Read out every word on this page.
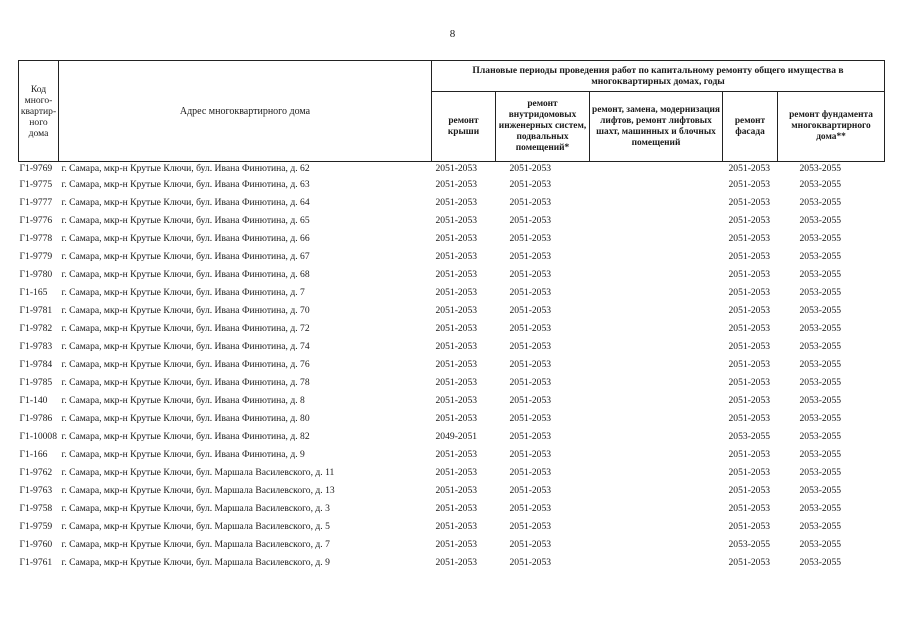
8
Код много-квартир-ного дома	Адрес многоквартирного дома	Плановые периоды проведения работ по капитальному ремонту общего имущества в многоквартирных домах, годы				
		ремонт крыши	ремонт внутридомовых инженерных систем, подвальных помещений*	ремонт, замена, модернизация лифтов, ремонт лифтовых шахт, машинных и блочных помещений	ремонт фасада	ремонт фундамента многоквартирного дома**
Г1-9769	г. Самара, мкр-н Крутые Ключи, бул. Ивана Финютина, д. 62	2051-2053	2051-2053		2051-2053	2053-2055
Г1-9775	г. Самара, мкр-н Крутые Ключи, бул. Ивана Финютина, д. 63	2051-2053	2051-2053		2051-2053	2053-2055
Г1-9777	г. Самара, мкр-н Крутые Ключи, бул. Ивана Финютина, д. 64	2051-2053	2051-2053		2051-2053	2053-2055
Г1-9776	г. Самара, мкр-н Крутые Ключи, бул. Ивана Финютина, д. 65	2051-2053	2051-2053		2051-2053	2053-2055
Г1-9778	г. Самара, мкр-н Крутые Ключи, бул. Ивана Финютина, д. 66	2051-2053	2051-2053		2051-2053	2053-2055
Г1-9779	г. Самара, мкр-н Крутые Ключи, бул. Ивана Финютина, д. 67	2051-2053	2051-2053		2051-2053	2053-2055
Г1-9780	г. Самара, мкр-н Крутые Ключи, бул. Ивана Финютина, д. 68	2051-2053	2051-2053		2051-2053	2053-2055
Г1-165	г. Самара, мкр-н Крутые Ключи, бул. Ивана Финютина, д. 7	2051-2053	2051-2053		2051-2053	2053-2055
Г1-9781	г. Самара, мкр-н Крутые Ключи, бул. Ивана Финютина, д. 70	2051-2053	2051-2053		2051-2053	2053-2055
Г1-9782	г. Самара, мкр-н Крутые Ключи, бул. Ивана Финютина, д. 72	2051-2053	2051-2053		2051-2053	2053-2055
Г1-9783	г. Самара, мкр-н Крутые Ключи, бул. Ивана Финютина, д. 74	2051-2053	2051-2053		2051-2053	2053-2055
Г1-9784	г. Самара, мкр-н Крутые Ключи, бул. Ивана Финютина, д. 76	2051-2053	2051-2053		2051-2053	2053-2055
Г1-9785	г. Самара, мкр-н Крутые Ключи, бул. Ивана Финютина, д. 78	2051-2053	2051-2053		2051-2053	2053-2055
Г1-140	г. Самара, мкр-н Крутые Ключи, бул. Ивана Финютина, д. 8	2051-2053	2051-2053		2051-2053	2053-2055
Г1-9786	г. Самара, мкр-н Крутые Ключи, бул. Ивана Финютина, д. 80	2051-2053	2051-2053		2051-2053	2053-2055
Г1-10008	г. Самара, мкр-н Крутые Ключи, бул. Ивана Финютина, д. 82	2049-2051	2051-2053		2053-2055	2053-2055
Г1-166	г. Самара, мкр-н Крутые Ключи, бул. Ивана Финютина, д. 9	2051-2053	2051-2053		2051-2053	2053-2055
Г1-9762	г. Самара, мкр-н Крутые Ключи, бул. Маршала Василевского, д. 11	2051-2053	2051-2053		2051-2053	2053-2055
Г1-9763	г. Самара, мкр-н Крутые Ключи, бул. Маршала Василевского, д. 13	2051-2053	2051-2053		2051-2053	2053-2055
Г1-9758	г. Самара, мкр-н Крутые Ключи, бул. Маршала Василевского, д. 3	2051-2053	2051-2053		2051-2053	2053-2055
Г1-9759	г. Самара, мкр-н Крутые Ключи, бул. Маршала Василевского, д. 5	2051-2053	2051-2053		2051-2053	2053-2055
Г1-9760	г. Самара, мкр-н Крутые Ключи, бул. Маршала Василевского, д. 7	2051-2053	2051-2053		2053-2055	2053-2055
Г1-9761	г. Самара, мкр-н Крутые Ключи, бул. Маршала Василевского, д. 9	2051-2053	2051-2053		2051-2053	2053-2055
